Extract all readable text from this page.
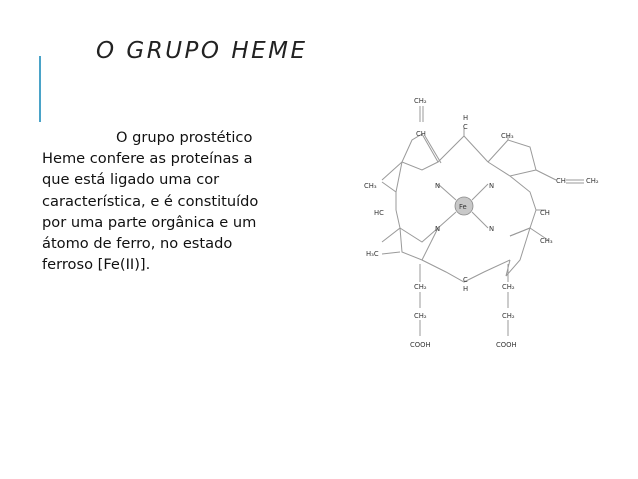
O GRUPO HEME
O grupo prostético
Heme confere as proteínas a
que está ligado uma cor
característica, e é constituído
por uma parte orgânica e um
átomo de ferro, no estado
ferroso [Fe(II)].
CH₂
CH
H
C
CH₃
CH₃
CH	CH₂
HC	CH
CH₃
H₃C
N	N
N	N
Fe
C
H
CH₂
CH₂
COOH
CH₂
CH₂
COOH
